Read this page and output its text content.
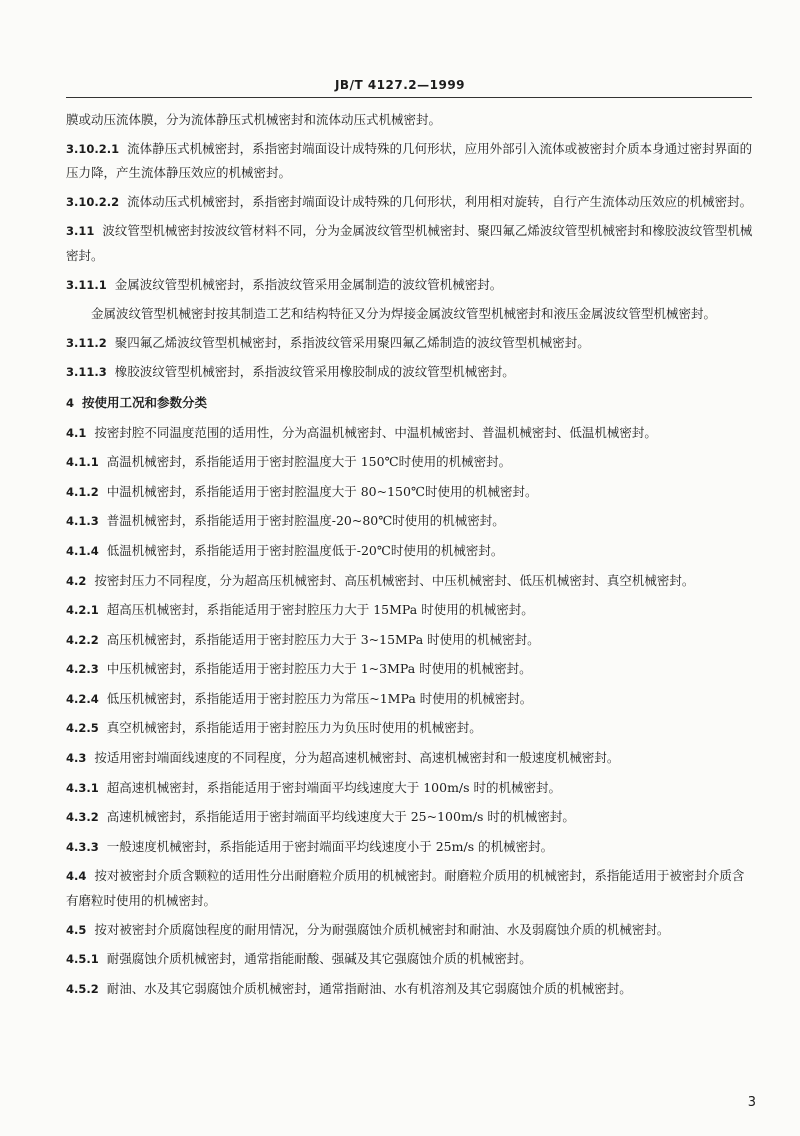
JB/T 4127.2—1999

膜或动压流体膜，分为流体静压式机械密封和流体动压式机械密封。

3.10.2.1 流体静压式机械密封，系指密封端面设计成特殊的几何形状，应用外部引入流体或被密封介质本身通过密封界面的压力降，产生流体静压效应的机械密封。

3.10.2.2 流体动压式机械密封，系指密封端面设计成特殊的几何形状，利用相对旋转，自行产生流体动压效应的机械密封。

3.11 波纹管型机械密封按波纹管材料不同，分为金属波纹管型机械密封、聚四氟乙烯波纹管型机械密封和橡胶波纹管型机械密封。

3.11.1 金属波纹管型机械密封，系指波纹管采用金属制造的波纹管机械密封。

金属波纹管型机械密封按其制造工艺和结构特征又分为焊接金属波纹管型机械密封和液压金属波纹管型机械密封。

3.11.2 聚四氟乙烯波纹管型机械密封，系指波纹管采用聚四氟乙烯制造的波纹管型机械密封。

3.11.3 橡胶波纹管型机械密封，系指波纹管采用橡胶制成的波纹管型机械密封。

4 按使用工况和参数分类

4.1 按密封腔不同温度范围的适用性，分为高温机械密封、中温机械密封、普温机械密封、低温机械密封。

4.1.1 高温机械密封，系指能适用于密封腔温度大于 150℃时使用的机械密封。

4.1.2 中温机械密封，系指能适用于密封腔温度大于 80~150℃时使用的机械密封。

4.1.3 普温机械密封，系指能适用于密封腔温度-20~80℃时使用的机械密封。

4.1.4 低温机械密封，系指能适用于密封腔温度低于-20℃时使用的机械密封。

4.2 按密封压力不同程度，分为超高压机械密封、高压机械密封、中压机械密封、低压机械密封、真空机械密封。

4.2.1 超高压机械密封，系指能适用于密封腔压力大于 15MPa 时使用的机械密封。

4.2.2 高压机械密封，系指能适用于密封腔压力大于 3~15MPa 时使用的机械密封。

4.2.3 中压机械密封，系指能适用于密封腔压力大于 1~3MPa 时使用的机械密封。

4.2.4 低压机械密封，系指能适用于密封腔压力为常压~1MPa 时使用的机械密封。

4.2.5 真空机械密封，系指能适用于密封腔压力为负压时使用的机械密封。

4.3 按适用密封端面线速度的不同程度，分为超高速机械密封、高速机械密封和一般速度机械密封。

4.3.1 超高速机械密封，系指能适用于密封端面平均线速度大于 100m/s 时的机械密封。

4.3.2 高速机械密封，系指能适用于密封端面平均线速度大于 25~100m/s 时的机械密封。

4.3.3 一般速度机械密封，系指能适用于密封端面平均线速度小于 25m/s 的机械密封。

4.4 按对被密封介质含颗粒的适用性分出耐磨粒介质用的机械密封。耐磨粒介质用的机械密封，系指能适用于被密封介质含有磨粒时使用的机械密封。

4.5 按对被密封介质腐蚀程度的耐用情况，分为耐强腐蚀介质机械密封和耐油、水及弱腐蚀介质的机械密封。

4.5.1 耐强腐蚀介质机械密封，通常指能耐酸、强碱及其它强腐蚀介质的机械密封。

4.5.2 耐油、水及其它弱腐蚀介质机械密封，通常指耐油、水有机溶剂及其它弱腐蚀介质的机械密封。

3
